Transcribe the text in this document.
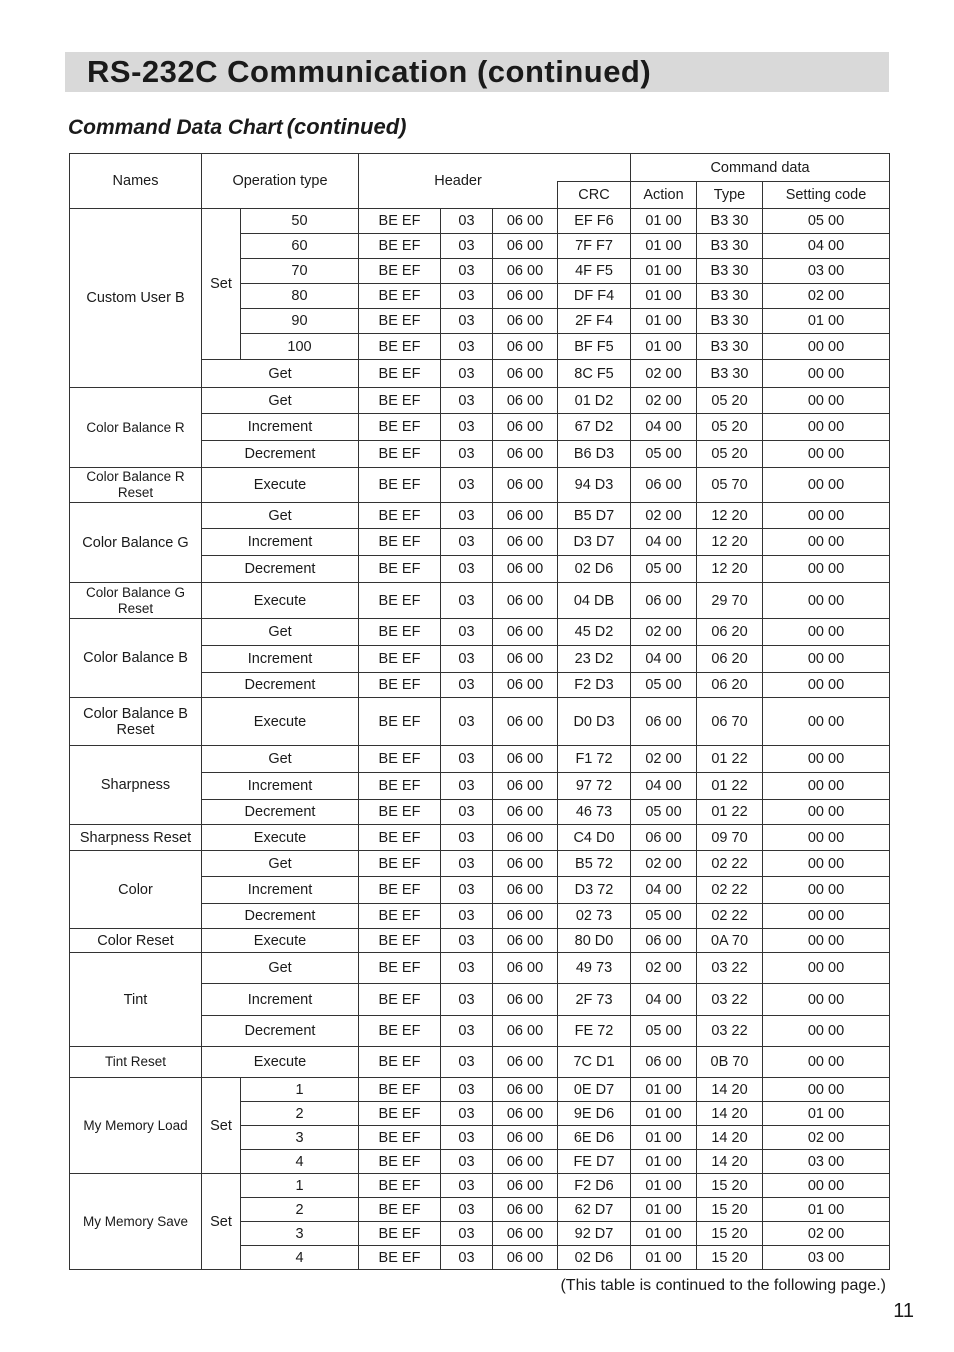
RS-232C Communication (continued)
Command Data Chart (continued)
Names	Operation type		Header				Command data		
						CRC	Action	Type	Setting code
Custom User B	Set	50	BE EF	03	06 00	EF F6	01 00	B3 30	05 00
		60	BE EF	03	06 00	7F F7	01 00	B3 30	04 00
		70	BE EF	03	06 00	4F F5	01 00	B3 30	03 00
		80	BE EF	03	06 00	DF F4	01 00	B3 30	02 00
		90	BE EF	03	06 00	2F F4	01 00	B3 30	01 00
		100	BE EF	03	06 00	BF F5	01 00	B3 30	00 00
	Get		BE EF	03	06 00	8C F5	02 00	B3 30	00 00
Color Balance R	Get		BE EF	03	06 00	01 D2	02 00	05 20	00 00
	Increment		BE EF	03	06 00	67 D2	04 00	05 20	00 00
	Decrement		BE EF	03	06 00	B6 D3	05 00	05 20	00 00
Color Balance R Reset	Execute		BE EF	03	06 00	94 D3	06 00	05 70	00 00
Color Balance G	Get		BE EF	03	06 00	B5 D7	02 00	12 20	00 00
	Increment		BE EF	03	06 00	D3 D7	04 00	12 20	00 00
	Decrement		BE EF	03	06 00	02 D6	05 00	12 20	00 00
Color Balance G Reset	Execute		BE EF	03	06 00	04 DB	06 00	29 70	00 00
Color Balance B	Get		BE EF	03	06 00	45 D2	02 00	06 20	00 00
	Increment		BE EF	03	06 00	23 D2	04 00	06 20	00 00
	Decrement		BE EF	03	06 00	F2 D3	05 00	06 20	00 00
Color Balance B Reset	Execute		BE EF	03	06 00	D0 D3	06 00	06 70	00 00
Sharpness	Get		BE EF	03	06 00	F1 72	02 00	01 22	00 00
	Increment		BE EF	03	06 00	97 72	04 00	01 22	00 00
	Decrement		BE EF	03	06 00	46 73	05 00	01 22	00 00
Sharpness Reset	Execute		BE EF	03	06 00	C4 D0	06 00	09 70	00 00
Color	Get		BE EF	03	06 00	B5 72	02 00	02 22	00 00
	Increment		BE EF	03	06 00	D3 72	04 00	02 22	00 00
	Decrement		BE EF	03	06 00	02 73	05 00	02 22	00 00
Color Reset	Execute		BE EF	03	06 00	80 D0	06 00	0A 70	00 00
Tint	Get		BE EF	03	06 00	49 73	02 00	03 22	00 00
	Increment		BE EF	03	06 00	2F 73	04 00	03 22	00 00
	Decrement		BE EF	03	06 00	FE 72	05 00	03 22	00 00
Tint Reset	Execute		BE EF	03	06 00	7C D1	06 00	0B 70	00 00
My Memory Load	Set	1	BE EF	03	06 00	0E D7	01 00	14 20	00 00
		2	BE EF	03	06 00	9E D6	01 00	14 20	01 00
		3	BE EF	03	06 00	6E D6	01 00	14 20	02 00
		4	BE EF	03	06 00	FE D7	01 00	14 20	03 00
My Memory Save	Set	1	BE EF	03	06 00	F2 D6	01 00	15 20	00 00
		2	BE EF	03	06 00	62 D7	01 00	15 20	01 00
		3	BE EF	03	06 00	92 D7	01 00	15 20	02 00
		4	BE EF	03	06 00	02 D6	01 00	15 20	03 00
(This table is continued to the following page.)
11
